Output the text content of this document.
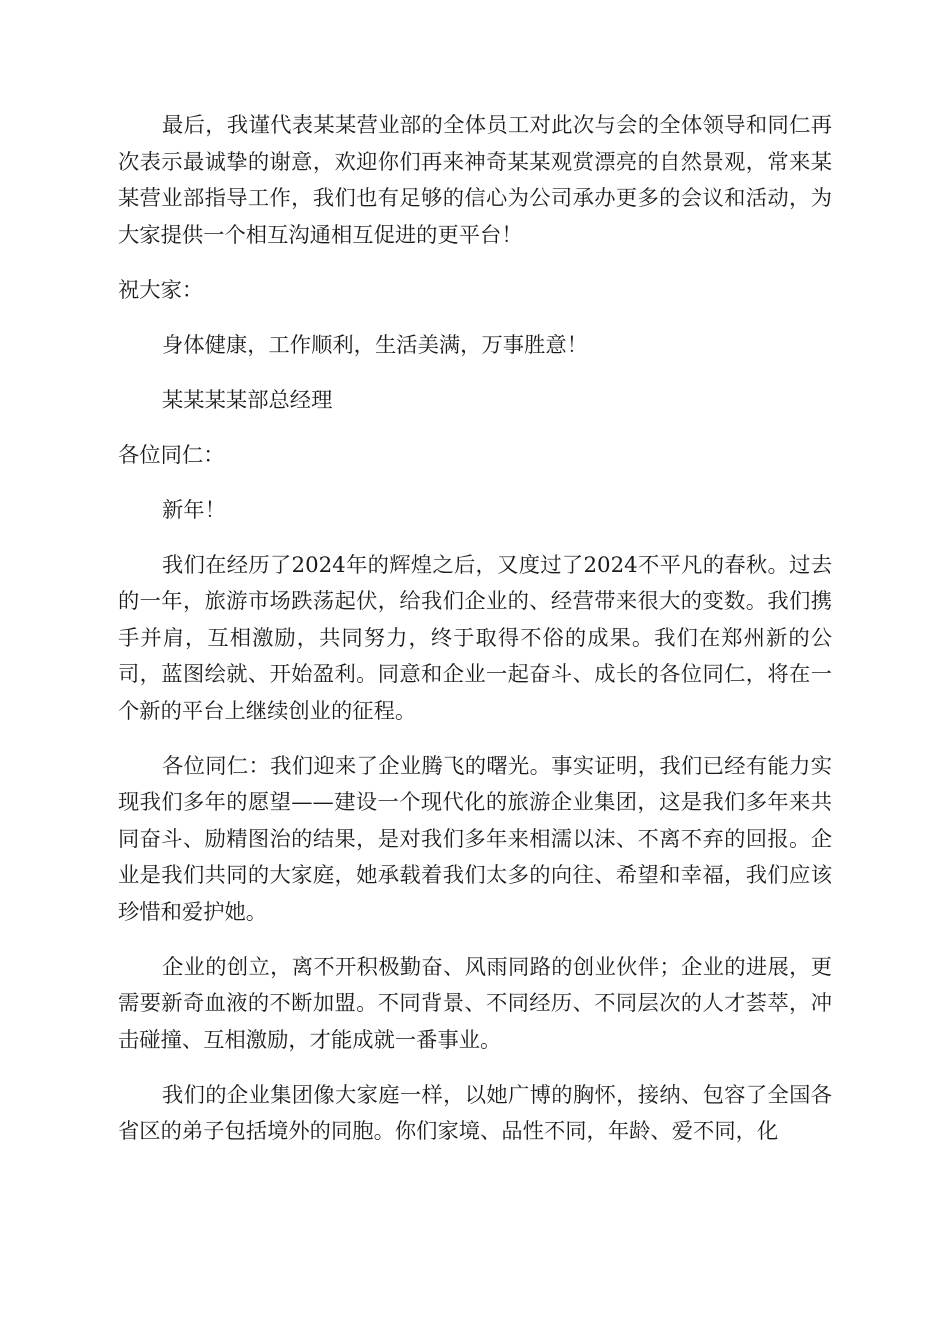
最后，我谨代表某某营业部的全体员工对此次与会的全体领导和同仁再次表示最诚挚的谢意，欢迎你们再来神奇某某观赏漂亮的自然景观，常来某某营业部指导工作，我们也有足够的信心为公司承办更多的会议和活动，为大家提供一个相互沟通相互促进的更平台！

祝大家：

身体健康，工作顺利，生活美满，万事胜意！

某某某某部总经理

各位同仁：

新年！

我们在经历了2024年的辉煌之后，又度过了2024不平凡的春秋。过去的一年，旅游市场跌荡起伏，给我们企业的、经营带来很大的变数。我们携手并肩，互相激励，共同努力，终于取得不俗的成果。我们在郑州新的公司，蓝图绘就、开始盈利。同意和企业一起奋斗、成长的各位同仁，将在一个新的平台上继续创业的征程。

各位同仁：我们迎来了企业腾飞的曙光。事实证明，我们已经有能力实现我们多年的愿望——建设一个现代化的旅游企业集团，这是我们多年来共同奋斗、励精图治的结果，是对我们多年来相濡以沫、不离不弃的回报。企业是我们共同的大家庭，她承载着我们太多的向往、希望和幸福，我们应该珍惜和爱护她。

企业的创立，离不开积极勤奋、风雨同路的创业伙伴；企业的进展，更需要新奇血液的不断加盟。不同背景、不同经历、不同层次的人才荟萃，冲击碰撞、互相激励，才能成就一番事业。

我们的企业集团像大家庭一样，以她广博的胸怀，接纳、包容了全国各省区的弟子包括境外的同胞。你们家境、品性不同，年龄、爱不同，化
